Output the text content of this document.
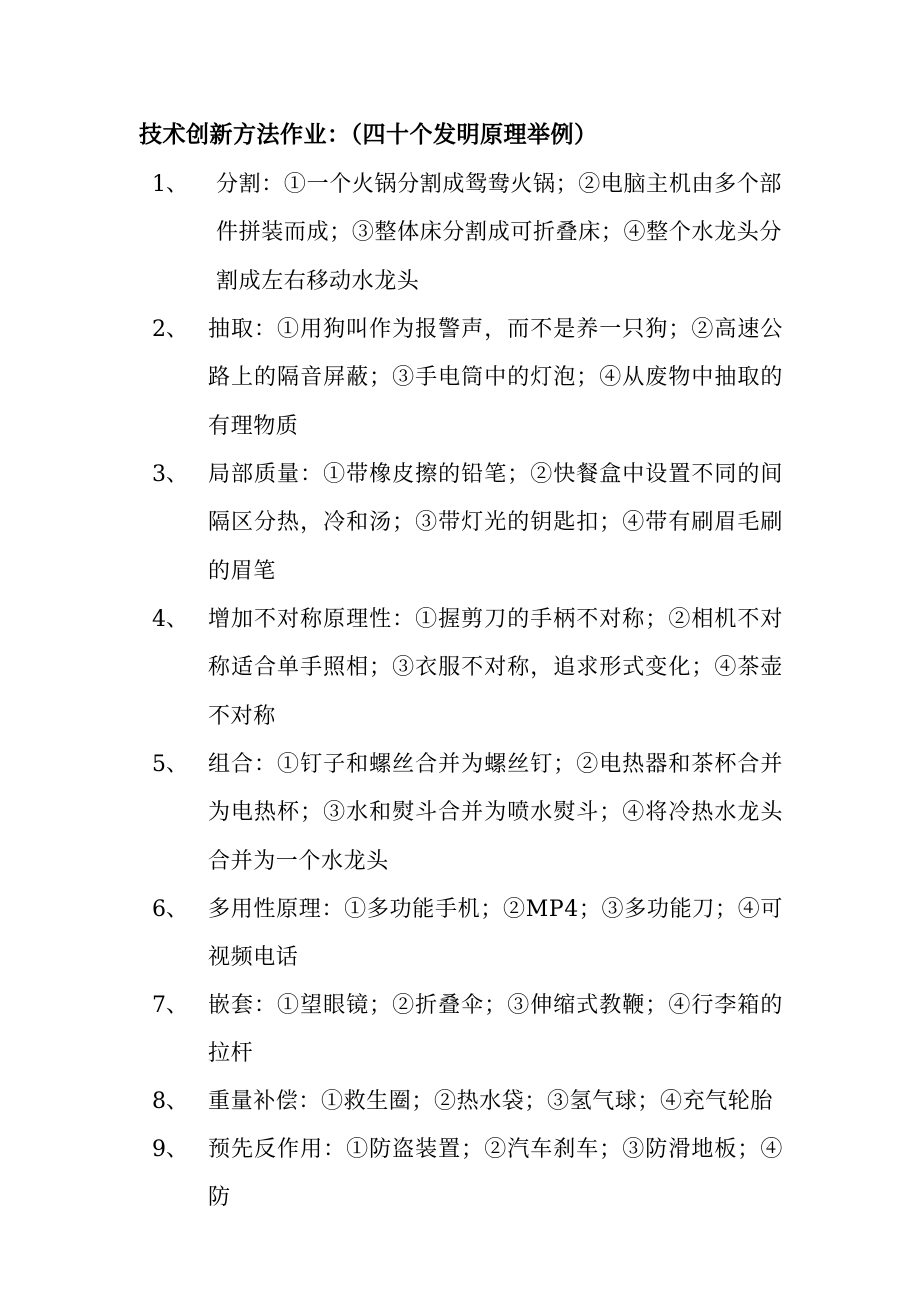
技术创新方法作业：（四十个发明原理举例）
1、 分割：①一个火锅分割成鸳鸯火锅；②电脑主机由多个部件拼装而成；③整体床分割成可折叠床；④整个水龙头分割成左右移动水龙头
2、 抽取：①用狗叫作为报警声，而不是养一只狗；②高速公路上的隔音屏蔽；③手电筒中的灯泡；④从废物中抽取的有理物质
3、 局部质量：①带橡皮擦的铅笔；②快餐盒中设置不同的间隔区分热，冷和汤；③带灯光的钥匙扣；④带有刷眉毛刷的眉笔
4、 增加不对称原理性：①握剪刀的手柄不对称；②相机不对称适合单手照相；③衣服不对称，追求形式变化；④茶壶不对称
5、 组合：①钉子和螺丝合并为螺丝钉；②电热器和茶杯合并为电热杯；③水和熨斗合并为喷水熨斗；④将冷热水龙头合并为一个水龙头
6、 多用性原理：①多功能手机；②MP4；③多功能刀；④可视频电话
7、 嵌套：①望眼镜；②折叠伞；③伸缩式教鞭；④行李箱的拉杆
8、 重量补偿：①救生圈；②热水袋；③氢气球；④充气轮胎
9、 预先反作用：①防盗装置；②汽车刹车；③防滑地板；④防
